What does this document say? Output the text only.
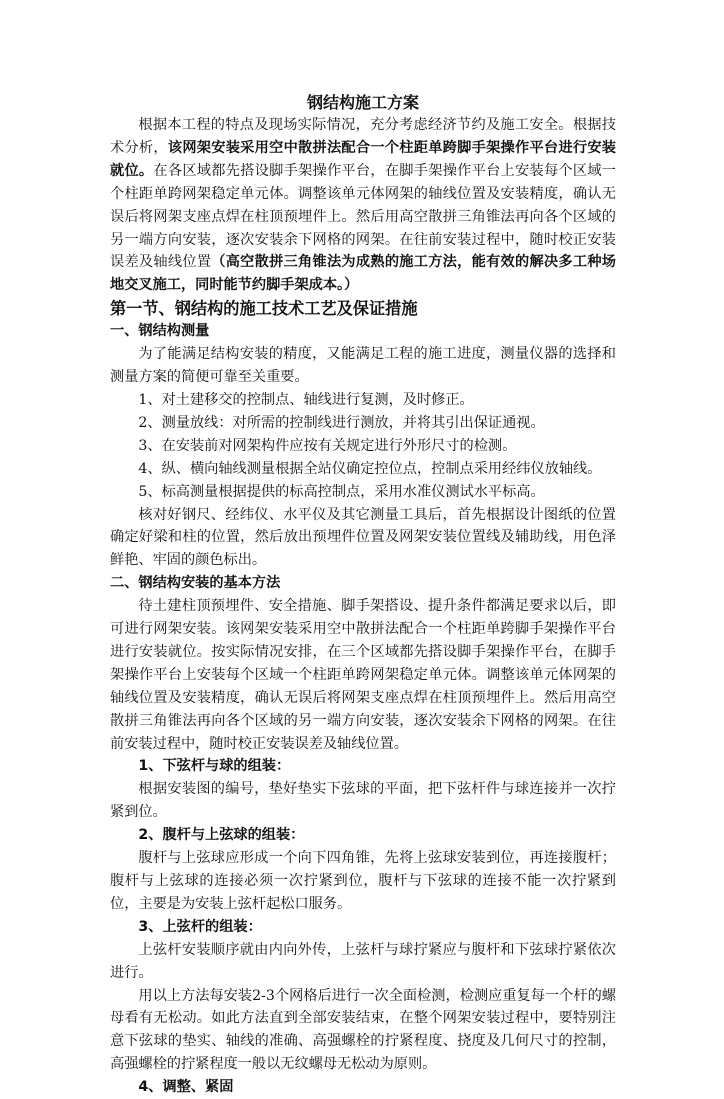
钢结构施工方案

根据本工程的特点及现场实际情况，充分考虑经济节约及施工安全。根据技术分析，该网架安装采用空中散拼法配合一个柱距单跨脚手架操作平台进行安装就位。在各区域都先搭设脚手架操作平台，在脚手架操作平台上安装每个区域一个柱距单跨网架稳定单元体。调整该单元体网架的轴线位置及安装精度，确认无误后将网架支座点焊在柱顶预埋件上。然后用高空散拼三角锥法再向各个区域的另一端方向安装，逐次安装余下网格的网架。在往前安装过程中，随时校正安装误差及轴线位置（高空散拼三角锥法为成熟的施工方法，能有效的解决多工种场地交叉施工，同时能节约脚手架成本。）

第一节、钢结构的施工技术工艺及保证措施
一、钢结构测量

为了能满足结构安装的精度，又能满足工程的施工进度，测量仪器的选择和测量方案的简便可靠至关重要。

1、对土建移交的控制点、轴线进行复测，及时修正。

2、测量放线：对所需的控制线进行测放，并将其引出保证通视。

3、在安装前对网架构件应按有关规定进行外形尺寸的检测。

4、纵、横向轴线测量根据全站仪确定控位点，控制点采用经纬仪放轴线。

5、标高测量根据提供的标高控制点，采用水准仪测试水平标高。

核对好钢尺、经纬仪、水平仪及其它测量工具后，首先根据设计图纸的位置确定好梁和柱的位置，然后放出预埋件位置及网架安装位置线及辅助线，用色泽鲜艳、牢固的颜色标出。

二、钢结构安装的基本方法

待土建柱顶预埋件、安全措施、脚手架搭设、提升条件都满足要求以后，即可进行网架安装。该网架安装采用空中散拼法配合一个柱距单跨脚手架操作平台进行安装就位。按实际情况安排，在三个区域都先搭设脚手架操作平台，在脚手架操作平台上安装每个区域一个柱距单跨网架稳定单元体。调整该单元体网架的轴线位置及安装精度，确认无误后将网架支座点焊在柱顶预埋件上。然后用高空散拼三角锥法再向各个区域的另一端方向安装，逐次安装余下网格的网架。在往前安装过程中，随时校正安装误差及轴线位置。

1、下弦杆与球的组装：

根据安装图的编号，垫好垫实下弦球的平面，把下弦杆件与球连接并一次拧紧到位。

2、腹杆与上弦球的组装：

腹杆与上弦球应形成一个向下四角锥，先将上弦球安装到位，再连接腹杆；腹杆与上弦球的连接必须一次拧紧到位，腹杆与下弦球的连接不能一次拧紧到位，主要是为安装上弦杆起松口服务。

3、上弦杆的组装：

上弦杆安装顺序就由内向外传，上弦杆与球拧紧应与腹杆和下弦球拧紧依次进行。

用以上方法每安装2-3个网格后进行一次全面检测，检测应重复每一个杆的螺母看有无松动。如此方法直到全部安装结束，在整个网架安装过程中，要特别注意下弦球的垫实、轴线的准确、高强螺栓的拧紧程度、挠度及几何尺寸的控制，高强螺栓的拧紧程度一般以无纹螺母无松动为原则。

4、调整、紧固
